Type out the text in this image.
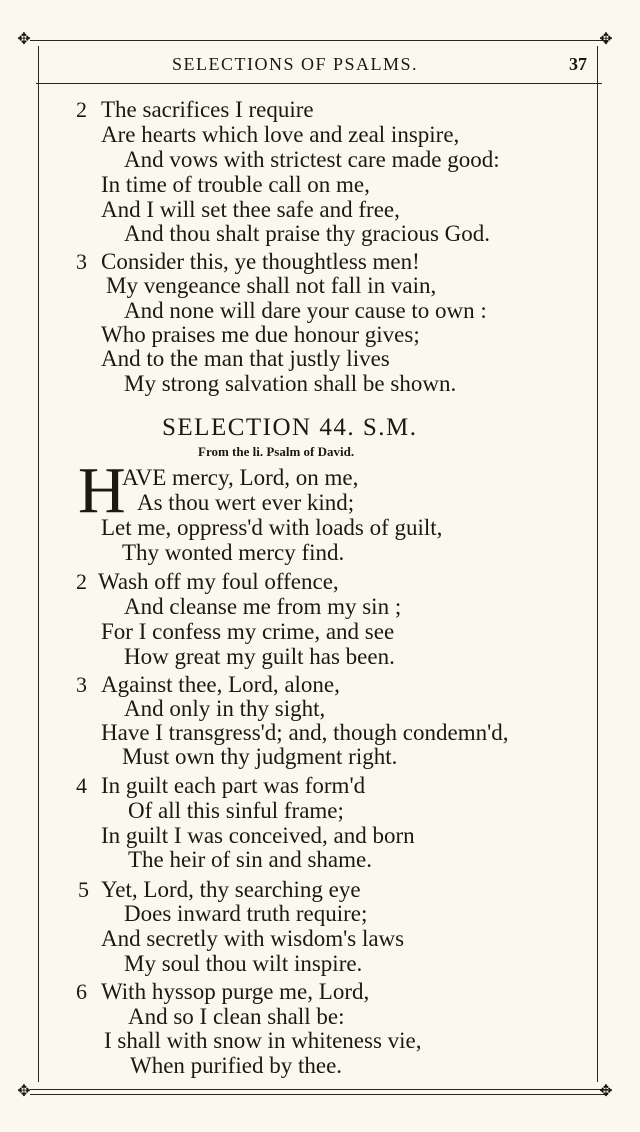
✥	✥
✥	✥
SELECTIONS OF PSALMS.	37
2 The sacrifices I require
Are hearts which love and zeal inspire,
And vows with strictest care made good:
In time of trouble call on me,
And I will set thee safe and free,
And thou shalt praise thy gracious God.
3 Consider this, ye thoughtless men!
My vengeance shall not fall in vain,
And none will dare your cause to own :
Who praises me due honour gives;
And to the man that justly lives
My strong salvation shall be shown.
SELECTION 44. S.M.
From the li. Psalm of David.
H
AVE mercy, Lord, on me,
As thou wert ever kind;
Let me, oppress'd with loads of guilt,
Thy wonted mercy find.
2 Wash off my foul offence,
And cleanse me from my sin ;
For I confess my crime, and see
How great my guilt has been.
3 Against thee, Lord, alone,
And only in thy sight,
Have I transgress'd; and, though condemn'd,
Must own thy judgment right.
4 In guilt each part was form'd
Of all this sinful frame;
In guilt I was conceived, and born
The heir of sin and shame.
5 Yet, Lord, thy searching eye
Does inward truth require;
And secretly with wisdom's laws
My soul thou wilt inspire.
6 With hyssop purge me, Lord,
And so I clean shall be:
I shall with snow in whiteness vie,
When purified by thee.
